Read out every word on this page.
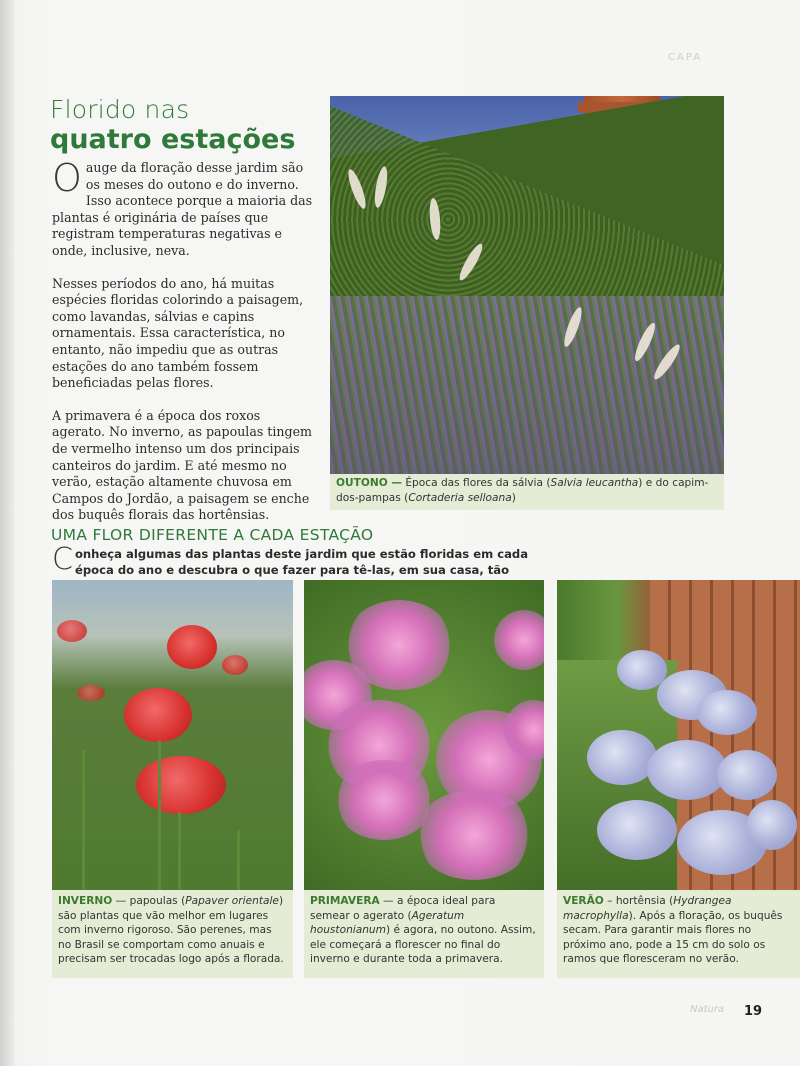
CAPA
Florido nas
quatro estações

Oauge da floração desse jardim são os meses do outono e do inverno. Isso acontece porque a maioria das plantas é originária de países que registram temperaturas negativas e onde, inclusive, neva.

Nesses períodos do ano, há muitas espécies floridas colorindo a paisagem, como lavandas, sálvias e capins ornamentais. Essa característica, no entanto, não impediu que as outras estações do ano também fossem beneficiadas pelas flores.

A primavera é a época dos roxos agerato. No inverno, as papoulas tingem de vermelho intenso um dos principais canteiros do jardim. E até mesmo no verão, estação altamente chuvosa em Campos do Jordão, a paisagem se enche dos buquês florais das hortênsias.

OUTONO — Época das flores da sálvia (Salvia leucantha) e do capim-dos-pampas (Cortaderia selloana)
UMA FLOR DIFERENTE A CADA ESTAÇÃO
Conheça algumas das plantas deste jardim que estão floridas em cada época do ano e descubra o que fazer para tê-las, em sua casa, tão
INVERNO — papoulas (Papaver orientale) são plantas que vão melhor em lugares com inverno rigoroso. São perenes, mas no Brasil se comportam como anuais e precisam ser trocadas logo após a florada.
PRIMAVERA — a época ideal para semear o agerato (Ageratum houstonianum) é agora, no outono. Assim, ele começará a florescer no final do inverno e durante toda a primavera.
VERÃO – hortênsia (Hydrangea macrophylla). Após a floração, os buquês secam. Para garantir mais flores no próximo ano, pode a 15 cm do solo os ramos que floresceram no verão.
Natura 19
